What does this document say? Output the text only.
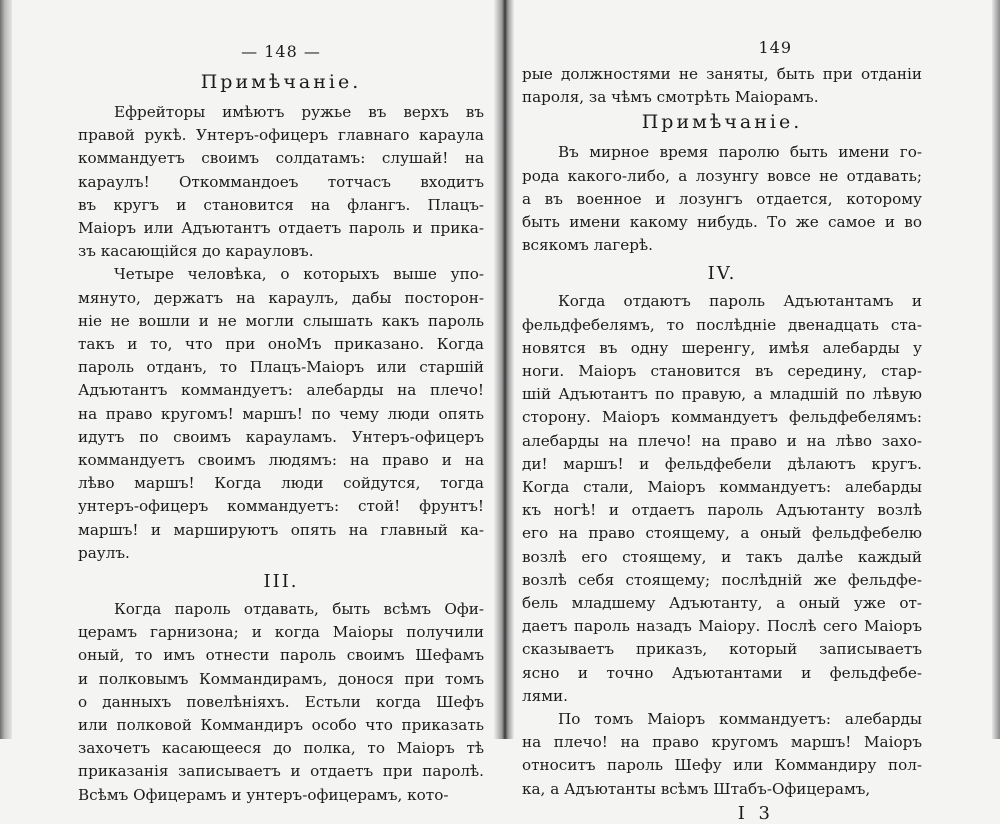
— 148 —
Примѣчаніе.
Ефрейторы имѣютъ ружье въ верхъ въ
правой рукѣ. Унтеръ-офицеръ главнаго караула
коммандуетъ своимъ солдатамъ: слушай! на
караулъ! Откоммандоеъ тотчасъ входитъ
въ кругъ и становится на флангъ. Плацъ-
Маіоръ или Адъютантъ отдаетъ пароль и прика-
зъ касающійся до карауловъ.
Четыре человѣка, о которыхъ выше упо-
мянуто, держатъ на караулъ, дабы посторон-
ніе не вошли и не могли слышать какъ пароль
такъ и то, что при оноМъ приказано. Когда
пароль отданъ, то Плацъ-Маіоръ или старшій
Адъютантъ коммандуетъ: алебарды на плечо!
на право кругомъ! маршъ! по чему люди опять
идутъ по своимъ карауламъ. Унтеръ-офицеръ
коммандуетъ своимъ людямъ: на право и на
лѣво маршъ! Когда люди сойдутся, тогда
унтеръ-офицеръ коммандуетъ: стой! фрунтъ!
маршъ! и маршируютъ опять на главный ка-
раулъ.
III.
Когда пароль отдавать, быть всѣмъ Офи-
церамъ гарнизона; и когда Маіоры получили
оный, то имъ отнести пароль своимъ Шефамъ
и полковымъ Коммандирамъ, донося при томъ
о данныхъ повелѣніяхъ. Естьли когда Шефъ
или полковой Коммандиръ особо что приказать
захочетъ касающееся до полка, то Маіоръ тѣ
приказанія записываетъ и отдаетъ при паролѣ.
Всѣмъ Офицерамъ и унтеръ-офицерамъ, кото-
149
рые должностями не заняты, быть при отданіи
пароля, за чѣмъ смотрѣть Маіорамъ.
Примѣчаніе.
Въ мирное время паролю быть имени го-
рода какого-либо, а лозунгу вовсе не отдавать;
а въ военное и лозунгъ отдается, которому
быть имени какому нибудь. То же самое и во
всякомъ лагерѣ.
IV.
Когда отдаютъ пароль Адъютантамъ и
фельдфебелямъ, то послѣдніе двенадцать ста-
новятся въ одну шеренгу, имѣя алебарды у
ноги. Маіоръ становится въ середину, стар-
шій Адъютантъ по правую, а младшій по лѣвую
сторону. Маіоръ коммандуетъ фельдфебелямъ:
алебарды на плечо! на право и на лѣво захо-
ди! маршъ! и фельдфебели дѣлаютъ кругъ.
Когда стали, Маіоръ коммандуетъ: алебарды
къ ногѣ! и отдаетъ пароль Адъютанту возлѣ
его на право стоящему, а оный фельдфебелю
возлѣ его стоящему, и такъ далѣе каждый
возлѣ себя стоящему; послѣдній же фельдфе-
бель младшему Адъютанту, а оный уже от-
даетъ пароль назадъ Маіору. Послѣ сего Маіоръ
сказываетъ приказъ, который записываетъ
ясно и точно Адъютантами и фельдфебе-
лями.
По томъ Маіоръ коммандуетъ: алебарды
на плечо! на право кругомъ маршъ! Маіоръ
относитъ пароль Шефу или Коммандиру пол-
ка, а Адъютанты всѣмъ Штабъ-Офицерамъ,
I 3
